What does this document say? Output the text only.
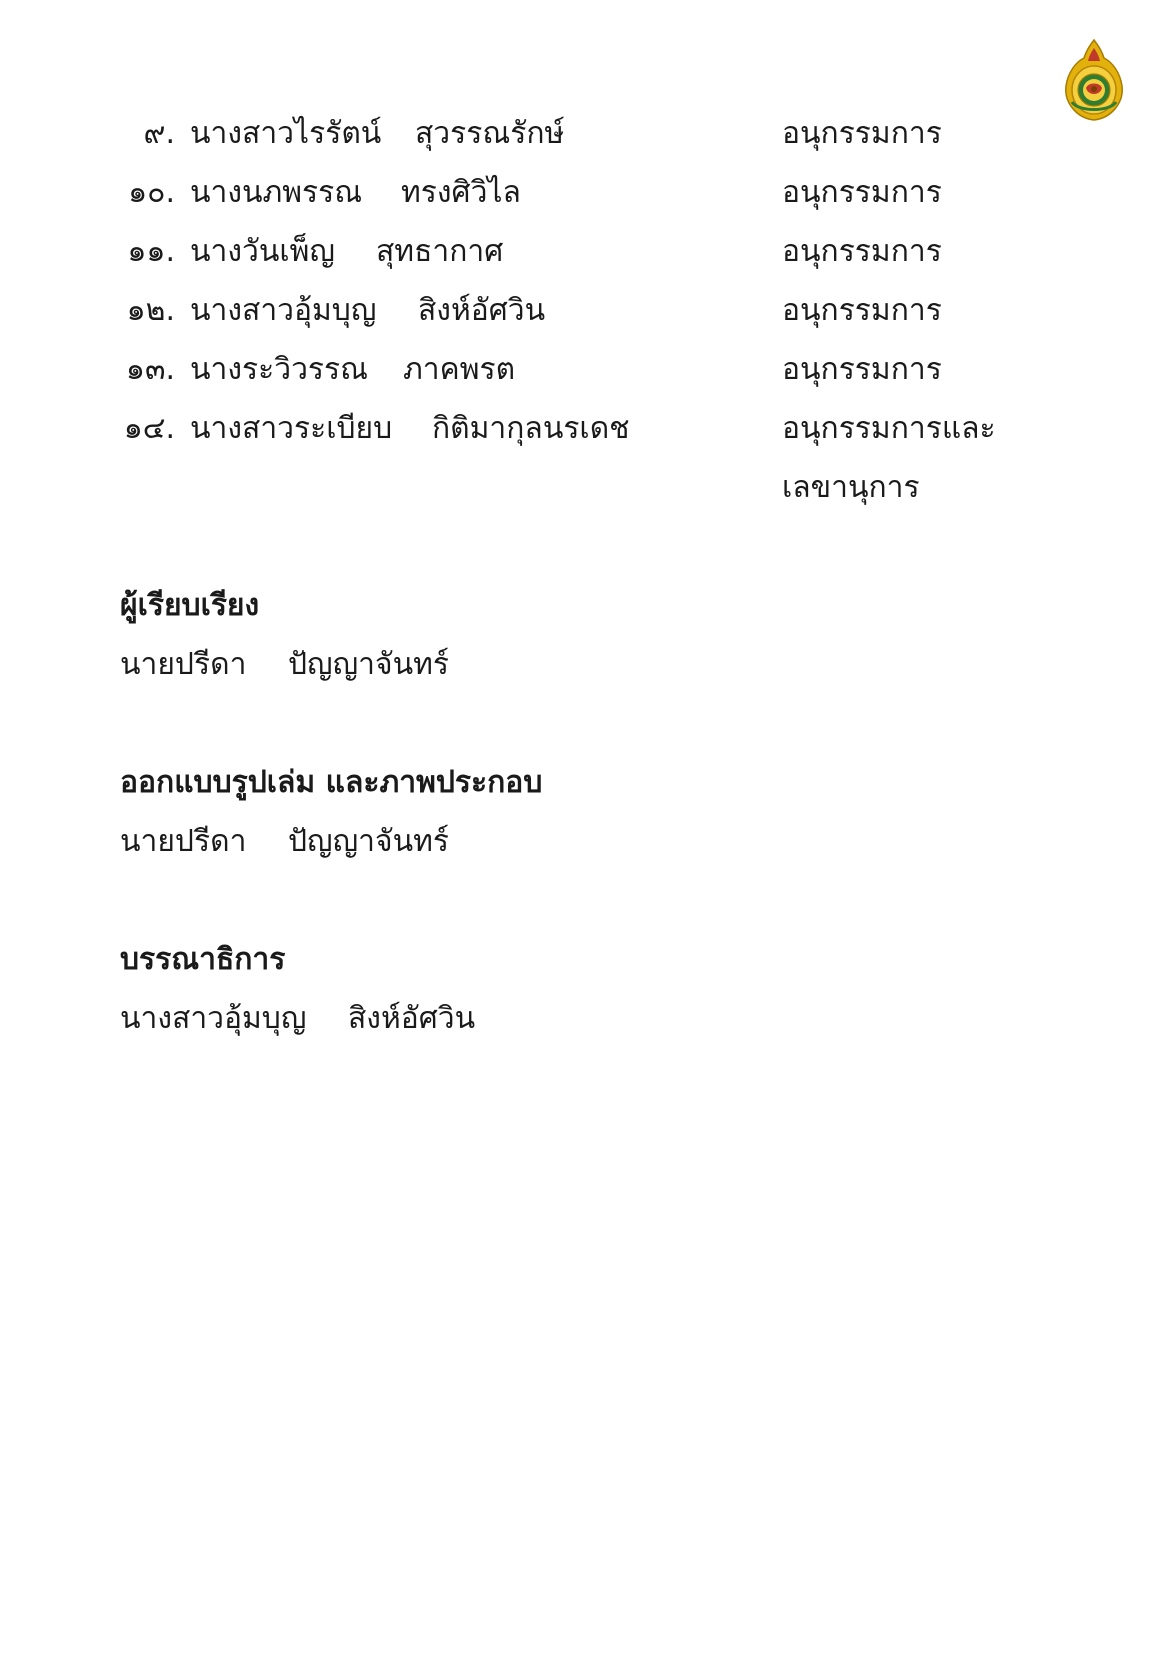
๙. นางสาวไรรัตน์ สุวรรณรักษ์	อนุกรรมการ
๑๐. นางนภพรรณ ทรงศิวิไล	อนุกรรมการ
๑๑. นางวันเพ็ญ สุทธากาศ	อนุกรรมการ
๑๒. นางสาวอุ้มบุญ สิงห์อัศวิน	อนุกรรมการ
๑๓. นางระวิวรรณ ภาคพรต	อนุกรรมการ
๑๔. นางสาวระเบียบ กิติมากุลนรเดช	อนุกรรมการและ
เลขานุการ
ผู้เรียบเรียง
นายปรีดา ปัญญาจันทร์
ออกแบบรูปเล่ม และภาพประกอบ
นายปรีดา ปัญญาจันทร์
บรรณาธิการ
นางสาวอุ้มบุญ สิงห์อัศวิน
